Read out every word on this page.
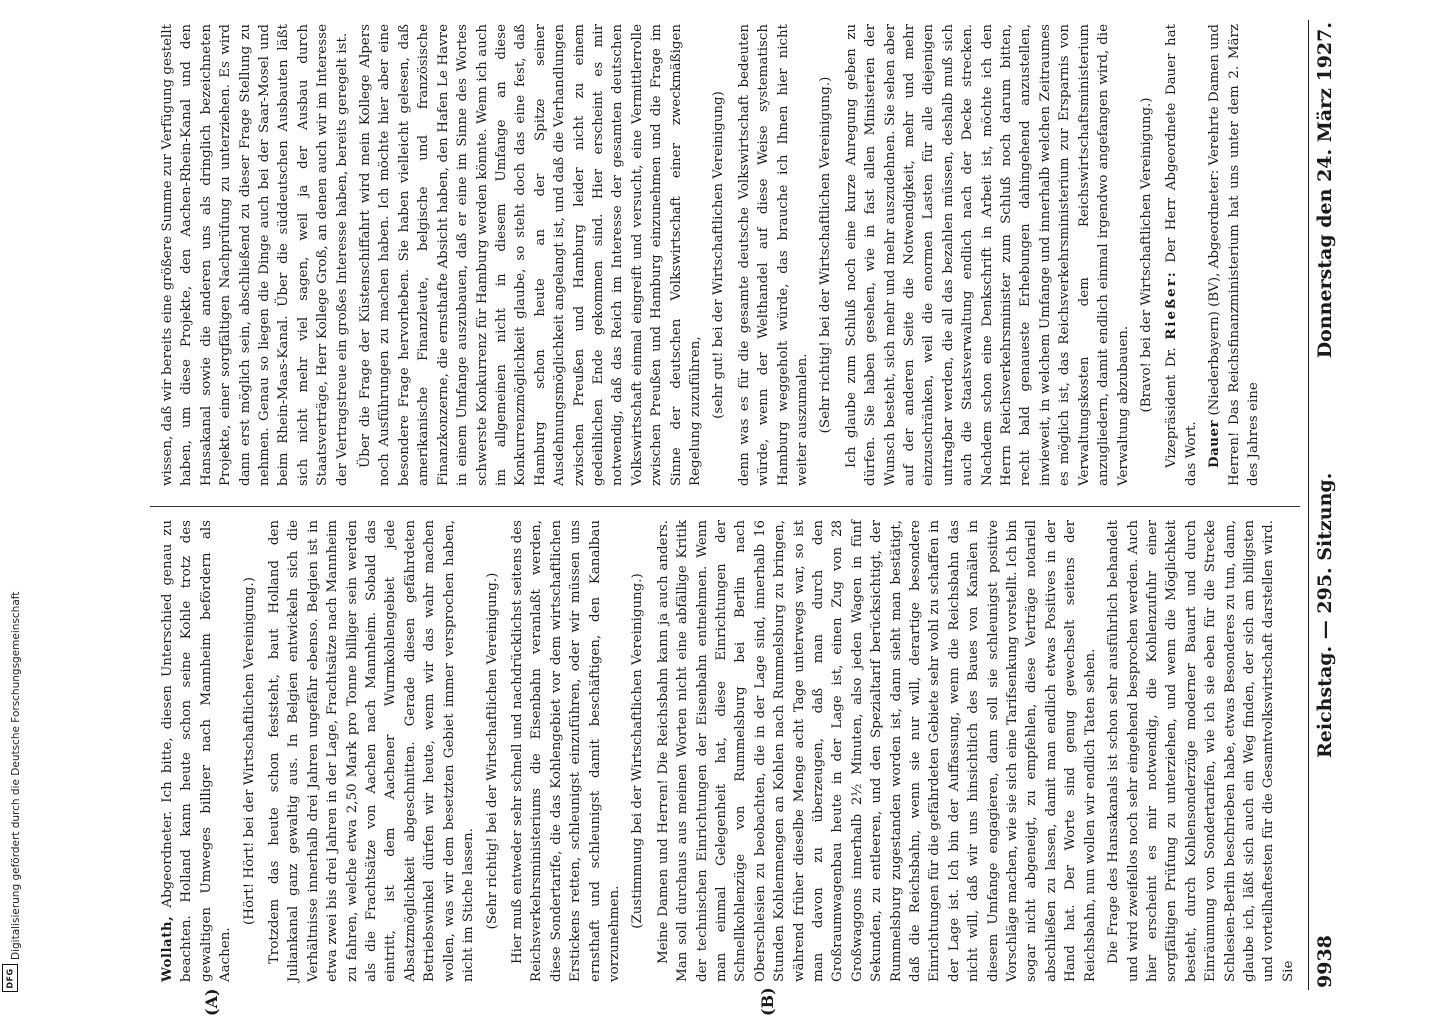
Digitalisierung gefördert durch die Deutsche Forschungsgemeinschaft
DFG	9938
Reichstag. — 295. Sitzung.
Donnerstag den 24. März 1927.
(A)	(B)

Wollath, Abgeordneter. Ich bitte, diesen Unterschied genau zu beachten. Holland kann heute schon seine Kohle trotz des gewaltigen Umweges billiger nach Mannheim befördern als Aachen.

(Hört! Hört! bei der Wirtschaftlichen Vereinigung.) Trotzdem das heute schon feststeht, baut Holland den Juliankanal ganz gewaltig aus. In Belgien entwickeln sich die Verhältnisse innerhalb drei Jahren ungefähr ebenso. Belgien ist in etwa zwei bis drei Jahren in der Lage, Frachtsätze nach Mannheim zu fahren, welche etwa 2,50 Mark pro Tonne billiger sein werden als die Frachtsätze von Aachen nach Mannheim. Sobald das eintritt, ist dem Aachener Wurmkohlengebiet jede Absatzmöglichkeit abgeschnitten. Gerade diesen gefährdeten Betriebswinkel dürfen wir heute, wenn wir das wahr machen wollen, was wir dem besetzten Gebiet immer versprochen haben, nicht im Stiche lassen. (Sehr richtig! bei der Wirtschaftlichen Vereinigung.) Hier muß entweder sehr schnell und nachdrücklichst seitens des Reichsverkehrsministeriums die Eisenbahn veranlaßt werden, diese Sondertarife, die das Kohlengebiet vor dem wirtschaftlichen Erstickens retten, schleunigst einzuführen, oder wir müssen uns ernsthaft und schleunigst damit beschäftigen, den Kanalbau vorzunehmen.

(Zustimmung bei der Wirtschaftlichen Vereinigung.) Meine Damen und Herren! Die Reichsbahn kann ja auch anders. Man soll durchaus aus meinen Worten nicht eine abfällige Kritik der technischen Einrichtungen der Eisenbahn entnehmen. Wenn man einmal Gelegenheit hat, diese Einrichtungen der Schnellkohlenzüge von Rummelsburg bei Berlin nach Oberschlesien zu beobachten, die in der Lage sind, innerhalb 16 Stunden Kohlenmengen an Kohlen nach Rummelsburg zu bringen, während früher dieselbe Menge acht Tage unterwegs war, so ist man davon zu überzeugen, daß man durch den Großraumwagenbau heute in der Lage ist, einen Zug von 28 Großwaggons innerhalb 2½ Minuten, also jeden Wagen in fünf Sekunden, zu entleeren, und den Spezialtarif berücksichtigt, der Rummelsburg zugestanden worden ist, dann sieht man bestätigt, daß die Reichsbahn, wenn sie nur will, derartige besondere Einrichtungen für die gefährdeten Gebiete sehr wohl zu schaffen in der Lage ist. Ich bin der Auffassung, wenn die Reichsbahn das nicht will, daß wir uns hinsichtlich des Baues von Kanälen in diesem Umfange engagieren, dann soll sie schleunigst positive Vorschläge machen, wie sie sich eine Tarifsenkung vorstellt. Ich bin sogar nicht abgeneigt, zu empfehlen, diese Verträge notariell abschließen zu lassen, damit man endlich etwas Positives in der Hand hat. Der Worte sind genug gewechselt seitens der Reichsbahn, nun wollen wir endlich Taten sehen. Die Frage des Hansakanals ist schon sehr ausführlich behandelt und wird zweifellos noch sehr eingehend besprochen werden. Auch hier erscheint es mir notwendig, die Kohlenzufuhr einer sorgfältigen Prüfung zu unterziehen, und wenn die Möglichkeit besteht, durch Kohlensonderzüge moderner Bauart und durch Einräumung von Sondertarifen, wie ich sie eben für die Strecke Schlesien-Berlin beschrieben habe, etwas Besonderes zu tun, dann, glaube ich, läßt sich auch ein Weg finden, der sich am billigsten und vorteilhaftesten für die Gesamtvolkswirtschaft darstellen wird. Sie

wissen, daß wir bereits eine größere Summe zur Verfügung gestellt haben, um diese Projekte, den Aachen-Rhein-Kanal und den Hansakanal sowie die anderen uns als dringlich bezeichneten Projekte, einer sorgfältigen Nachprüfung zu unterziehen. Es wird dann erst möglich sein, abschließend zu dieser Frage Stellung zu nehmen. Genau so liegen die Dinge auch bei der Saar-Mosel und beim Rhein-Maas-Kanal. Über die süddeutschen Ausbauten läßt sich nicht mehr viel sagen, weil ja der Ausbau durch Staatsverträge, Herr Kollege Groß, an denen auch wir im Interesse der Vertragstreue ein großes Interesse haben, bereits geregelt ist. Über die Frage der Küstenschiffahrt wird mein Kollege Alpers noch Ausführungen zu machen haben. Ich möchte hier aber eine besondere Frage hervorheben. Sie haben vielleicht gelesen, daß amerikanische Finanzleute, belgische und französische Finanzkonzerne, die ernsthafte Absicht haben, den Hafen Le Havre in einem Umfange auszubauen, daß er eine im Sinne des Wortes schwerste Konkurrenz für Hamburg werden könnte. Wenn ich auch im allgemeinen nicht in diesem Umfange an diese Konkurrenzmöglichkeit glaube, so steht doch das eine fest, daß Hamburg schon heute an der Spitze seiner Ausdehnungsmöglichkeit angelangt ist, und daß die Verhandlungen zwischen Preußen und Hamburg leider nicht zu einem gedeihlichen Ende gekommen sind. Hier erscheint es mir notwendig, daß das Reich im Interesse der gesamten deutschen Volkswirtschaft einmal eingreift und versucht, eine Vermittlerrolle zwischen Preußen und Hamburg einzunehmen und die Frage im Sinne der deutschen Volkswirtschaft einer zweckmäßigen Regelung zuzuführen, (sehr gut! bei der Wirtschaftlichen Vereinigung) denn was es für die gesamte deutsche Volkswirtschaft bedeuten würde, wenn der Welthandel auf diese Weise systematisch Hamburg weggeholt würde, das brauche ich Ihnen hier nicht weiter auszumalen. (Sehr richtig! bei der Wirtschaftlichen Vereinigung.) Ich glaube zum Schluß noch eine kurze Anregung geben zu dürfen. Sie haben gesehen, wie in fast allen Ministerien der Wunsch besteht, sich mehr und mehr auszudehnen. Sie sehen aber auf der anderen Seite die Notwendigkeit, mehr und mehr einzuschränken, weil die enormen Lasten für alle diejenigen untragbar werden, die all das bezahlen müssen, deshalb muß sich auch die Staatsverwaltung endlich nach der Decke strecken. Nachdem schon eine Denkschrift in Arbeit ist, möchte ich den Herrn Reichsverkehrsminister zum Schluß noch darum bitten, recht bald genaueste Erhebungen dahingehend anzustellen, inwieweit, in welchem Umfange und innerhalb welchen Zeitraumes es möglich ist, das Reichsverkehrsministerium zur Ersparnis von Verwaltungskosten dem Reichswirtschaftsministerium anzugliedern, damit endlich einmal irgendwo angefangen wird, die Verwaltung abzubauen. (Bravo! bei der Wirtschaftlichen Vereinigung.) Vizepräsident Dr. Rießer: Der Herr Abgeordnete Dauer hat das Wort. Dauer (Niederbayern) (BV), Abgeordneter: Verehrte Damen und Herren! Das Reichsfinanzministerium hat uns unter dem 2. März des Jahres eine
